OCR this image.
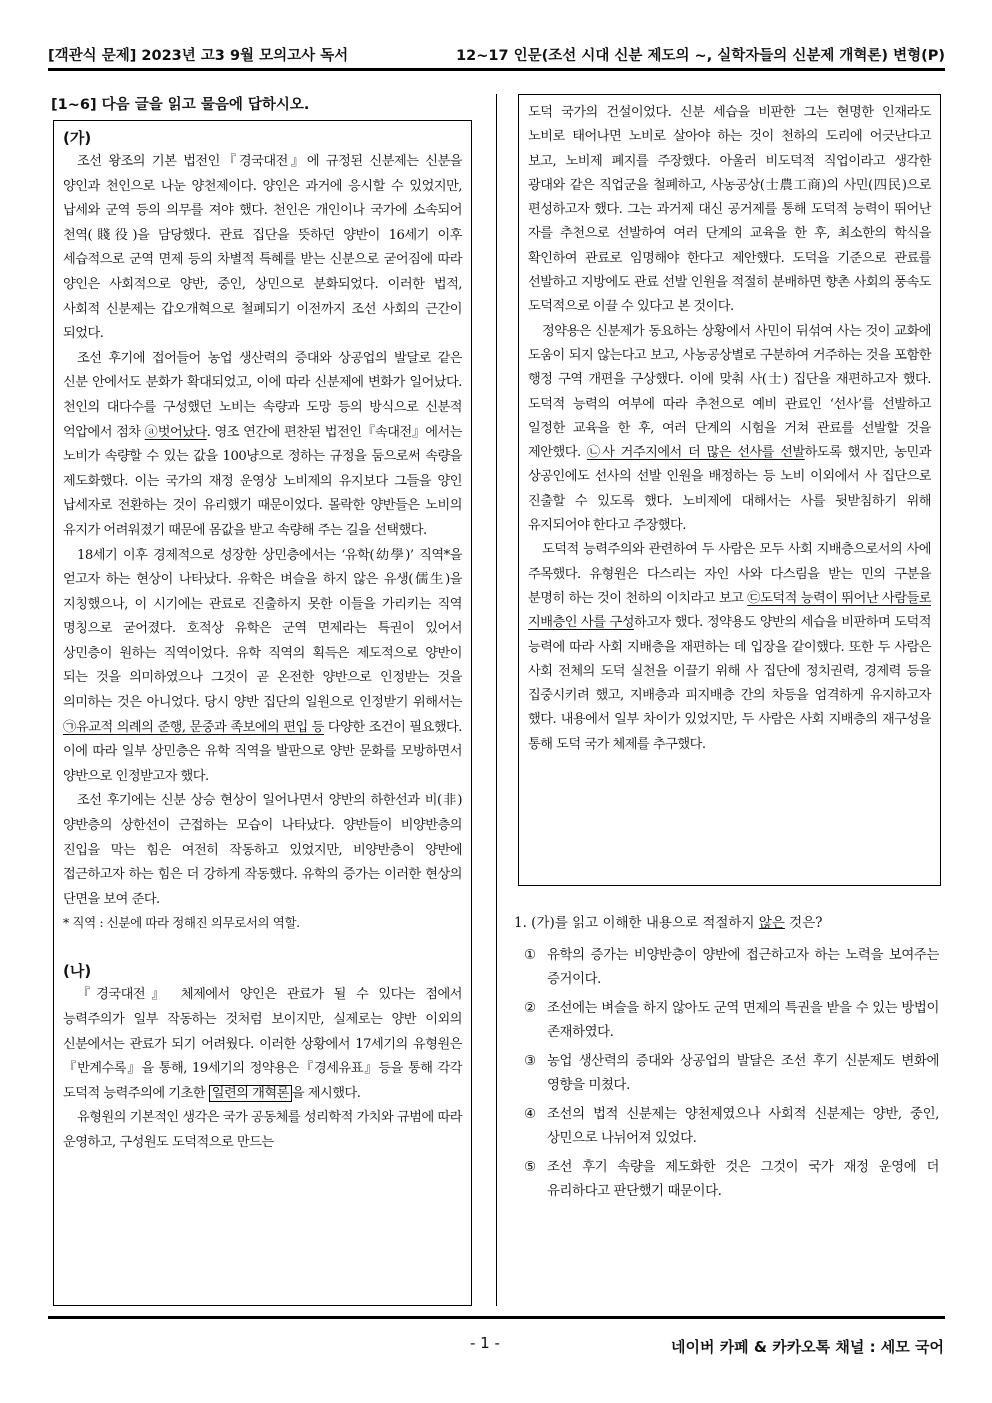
[객관식 문제] 2023년 고3 9월 모의고사 독서	12~17 인문(조선 시대 신분 제도의 ~, 실학자들의 신분제 개혁론) 변형(P)
[1~6] 다음 글을 읽고 물음에 답하시오.
(가)

조선 왕조의 기본 법전인『경국대전』에 규정된 신분제는 신분을 양인과 천인으로 나눈 양천제이다. 양인은 과거에 응시할 수 있었지만, 납세와 군역 등의 의무를 져야 했다. 천인은 개인이나 국가에 소속되어 천역(賤役)을 담당했다. 관료 집단을 뜻하던 양반이 16세기 이후 세습적으로 군역 면제 등의 차별적 특혜를 받는 신분으로 굳어짐에 따라 양인은 사회적으로 양반, 중인, 상민으로 분화되었다. 이러한 법적, 사회적 신분제는 갑오개혁으로 철폐되기 이전까지 조선 사회의 근간이 되었다.

조선 후기에 접어들어 농업 생산력의 증대와 상공업의 발달로 같은 신분 안에서도 분화가 확대되었고, 이에 따라 신분제에 변화가 일어났다. 천인의 대다수를 구성했던 노비는 속량과 도망 등의 방식으로 신분적 억압에서 점차 ⓐ벗어났다. 영조 연간에 편찬된 법전인『속대전』에서는 노비가 속량할 수 있는 값을 100냥으로 정하는 규정을 둠으로써 속량을 제도화했다. 이는 국가의 재정 운영상 노비제의 유지보다 그들을 양인 납세자로 전환하는 것이 유리했기 때문이었다. 몰락한 양반들은 노비의 유지가 어려워졌기 때문에 몸값을 받고 속량해 주는 길을 선택했다.

18세기 이후 경제적으로 성장한 상민층에서는 ‘유학(幼學)’ 직역*을 얻고자 하는 현상이 나타났다. 유학은 벼슬을 하지 않은 유생(儒生)을 지칭했으나, 이 시기에는 관료로 진출하지 못한 이들을 가리키는 직역 명칭으로 굳어졌다. 호적상 유학은 군역 면제라는 특권이 있어서 상민층이 원하는 직역이었다. 유학 직역의 획득은 제도적으로 양반이 되는 것을 의미하였으나 그것이 곧 온전한 양반으로 인정받는 것을 의미하는 것은 아니었다. 당시 양반 집단의 일원으로 인정받기 위해서는 ㉠유교적 의례의 준행, 문중과 족보에의 편입 등 다양한 조건이 필요했다. 이에 따라 일부 상민층은 유학 직역을 발판으로 양반 문화를 모방하면서 양반으로 인정받고자 했다.

조선 후기에는 신분 상승 현상이 일어나면서 양반의 하한선과 비(非)양반층의 상한선이 근접하는 모습이 나타났다. 양반들이 비양반층의 진입을 막는 힘은 여전히 작동하고 있었지만, 비양반층이 양반에 접근하고자 하는 힘은 더 강하게 작동했다. 유학의 증가는 이러한 현상의 단면을 보여 준다.

* 직역 : 신분에 따라 정해진 의무로서의 역할.

(나)

『경국대전』 체제에서 양인은 관료가 될 수 있다는 점에서 능력주의가 일부 작동하는 것처럼 보이지만, 실제로는 양반 이외의 신분에서는 관료가 되기 어려웠다. 이러한 상황에서 17세기의 유형원은『반계수록』을 통해, 19세기의 정약용은『경세유표』등을 통해 각각 도덕적 능력주의에 기초한 일련의 개혁론 을 제시했다.

유형원의 기본적인 생각은 국가 공동체를 성리학적 가치와 규범에 따라 운영하고, 구성원도 도덕적으로 만드는

도덕 국가의 건설이었다. 신분 세습을 비판한 그는 현명한 인재라도 노비로 태어나면 노비로 살아야 하는 것이 천하의 도리에 어긋난다고 보고, 노비제 폐지를 주장했다. 아울러 비도덕적 직업이라고 생각한 광대와 같은 직업군을 철폐하고, 사농공상(士農工商)의 사민(四民)으로 편성하고자 했다. 그는 과거제 대신 공거제를 통해 도덕적 능력이 뛰어난 자를 추천으로 선발하여 여러 단계의 교육을 한 후, 최소한의 학식을 확인하여 관료로 임명해야 한다고 제안했다. 도덕을 기준으로 관료를 선발하고 지방에도 관료 선발 인원을 적절히 분배하면 향촌 사회의 풍속도 도덕적으로 이끌 수 있다고 본 것이다.

정약용은 신분제가 동요하는 상황에서 사민이 뒤섞여 사는 것이 교화에 도움이 되지 않는다고 보고, 사농공상별로 구분하여 거주하는 것을 포함한 행정 구역 개편을 구상했다. 이에 맞춰 사(士) 집단을 재편하고자 했다. 도덕적 능력의 여부에 따라 추천으로 예비 관료인 ‘선사’를 선발하고 일정한 교육을 한 후, 여러 단계의 시험을 거쳐 관료를 선발할 것을 제안했다. ㉡사 거주지에서 더 많은 선사를 선발하도록 했지만, 농민과 상공인에도 선사의 선발 인원을 배정하는 등 노비 이외에서 사 집단으로 진출할 수 있도록 했다. 노비제에 대해서는 사를 뒷받침하기 위해 유지되어야 한다고 주장했다.

도덕적 능력주의와 관련하여 두 사람은 모두 사회 지배층으로서의 사에 주목했다. 유형원은 다스리는 자인 사와 다스림을 받는 민의 구분을 분명히 하는 것이 천하의 이치라고 보고 ㉢도덕적 능력이 뛰어난 사람들로 지배층인 사를 구성하고자 했다. 정약용도 양반의 세습을 비판하며 도덕적 능력에 따라 사회 지배층을 재편하는 데 입장을 같이했다. 또한 두 사람은 사회 전체의 도덕 실천을 이끌기 위해 사 집단에 정치권력, 경제력 등을 집중시키려 했고, 지배층과 피지배층 간의 차등을 엄격하게 유지하고자 했다. 내용에서 일부 차이가 있었지만, 두 사람은 사회 지배층의 재구성을 통해 도덕 국가 체제를 추구했다.

1. (가)를 읽고 이해한 내용으로 적절하지 않은 것은?

① 유학의 증가는 비양반층이 양반에 접근하고자 하는 노력을 보여주는 증거이다.
② 조선에는 벼슬을 하지 않아도 군역 면제의 특권을 받을 수 있는 방법이 존재하였다.
③ 농업 생산력의 증대와 상공업의 발달은 조선 후기 신분제도 변화에 영향을 미쳤다.
④ 조선의 법적 신분제는 양천제였으나 사회적 신분제는 양반, 중인, 상민으로 나뉘어져 있었다.
⑤ 조선 후기 속량을 제도화한 것은 그것이 국가 재정 운영에 더 유리하다고 판단했기 때문이다.
- 1 -	네이버 카페 & 카카오톡 채널 : 세모 국어
